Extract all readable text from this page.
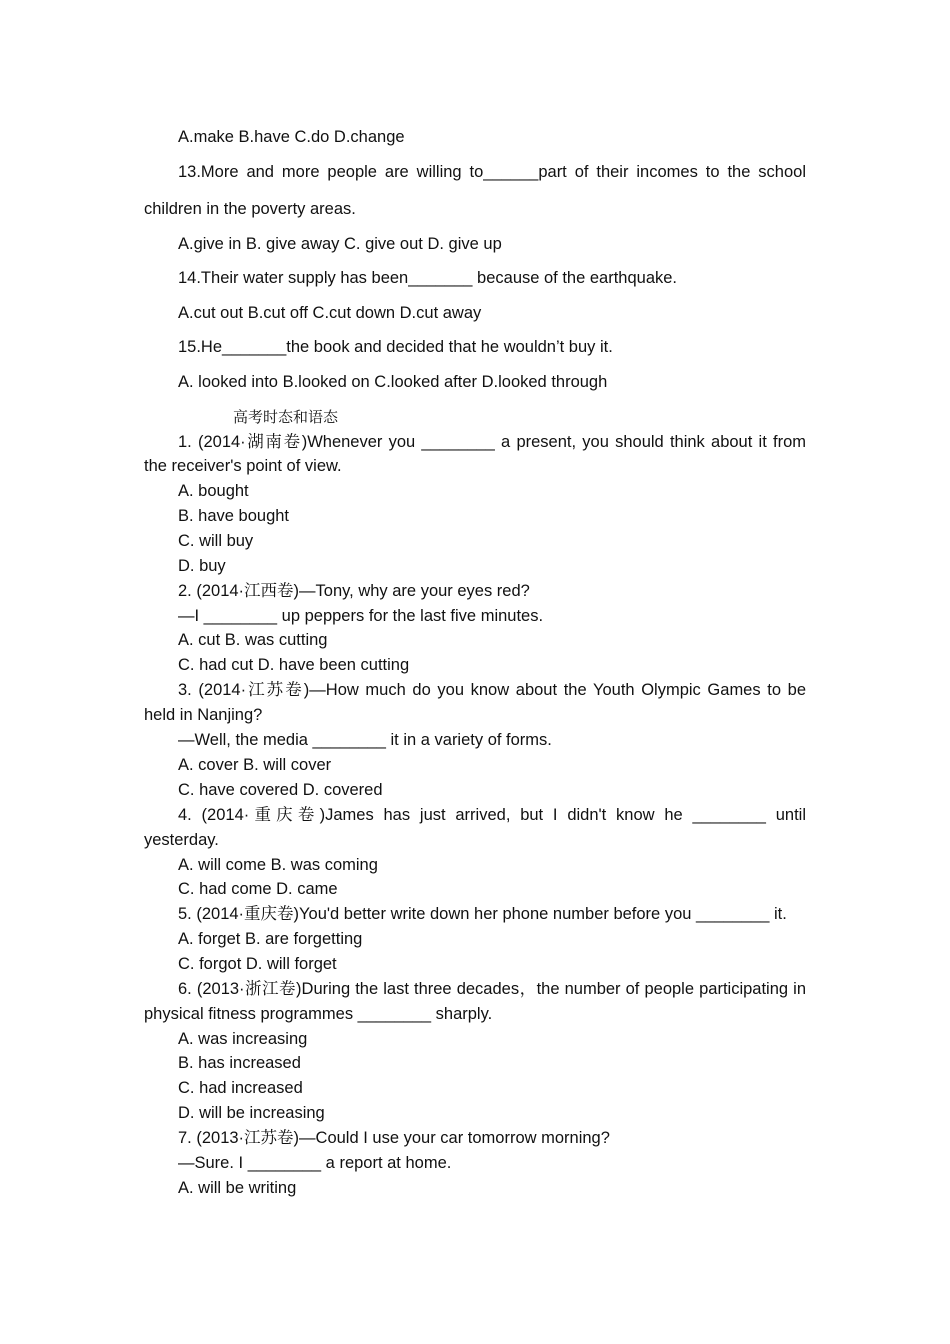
A.make B.have C.do D.change
13.More and more people are willing to______part of their incomes to the school
children in the poverty areas.
A.give in B. give away C. give out D. give up
14.Their water supply has been_______ because of the earthquake.
A.cut out B.cut off C.cut down D.cut away
15.He_______the book and decided that he wouldn’t buy it.
A. looked into B.looked on C.looked after D.looked through
高考时态和语态
1. (2014·湖南卷)Whenever you ________ a present, you should think about it from
the receiver's point of view.
A. bought
B. have bought
C. will buy
D. buy
2. (2014·江西卷)—Tony, why are your eyes red?
—I ________ up peppers for the last five minutes.
A. cut B. was cutting
C. had cut D. have been cutting
3. (2014·江苏卷)—How much do you know about the Youth Olympic Games to be
held in Nanjing?
—Well, the media ________ it in a variety of forms.
A. cover B. will cover
C. have covered D. covered
4. (2014·重庆卷)James has just arrived, but I didn't know he ________ until
yesterday.
A. will come B. was coming
C. had come D. came
5. (2014·重庆卷)You'd better write down her phone number before you ________ it.
A. forget B. are forgetting
C. forgot D. will forget
6. (2013·浙江卷)During the last three decades，the number of people participating in
physical fitness programmes ________ sharply.
A. was increasing
B. has increased
C. had increased
D. will be increasing
7. (2013·江苏卷)—Could I use your car tomorrow morning?
—Sure. I ________ a report at home.
A. will be writing
